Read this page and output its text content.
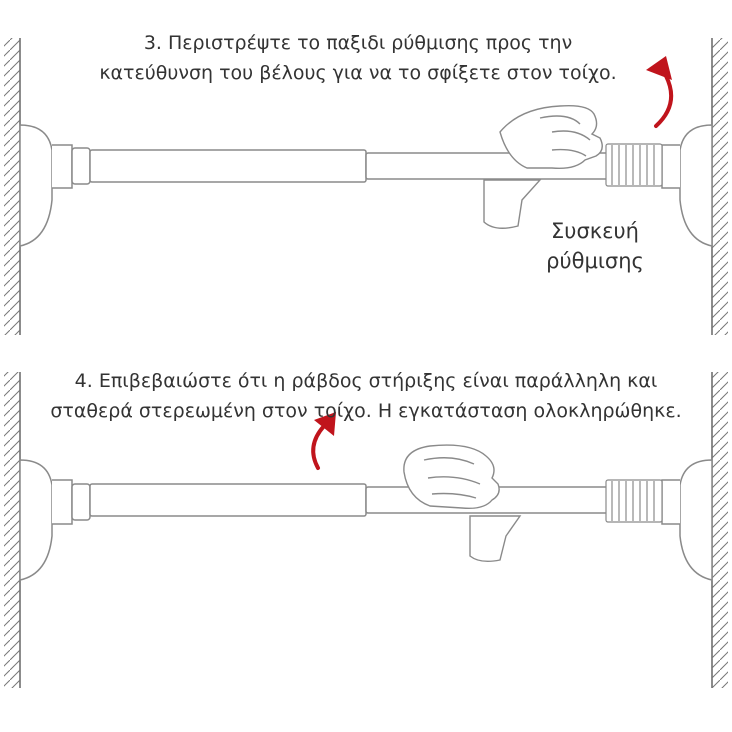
3. Περιστρέψτε το παξιδι ρύθμισης προς την
κατεύθυνση του βέλους για να το σφίξετε στον τοίχο.
Συσκευή
ρύθμισης
4. Επιβεβαιώστε ότι η ράβδος στήριξης είναι παράλληλη και
σταθερά στερεωμένη στον τοίχο. Η εγκατάσταση ολοκληρώθηκε.
